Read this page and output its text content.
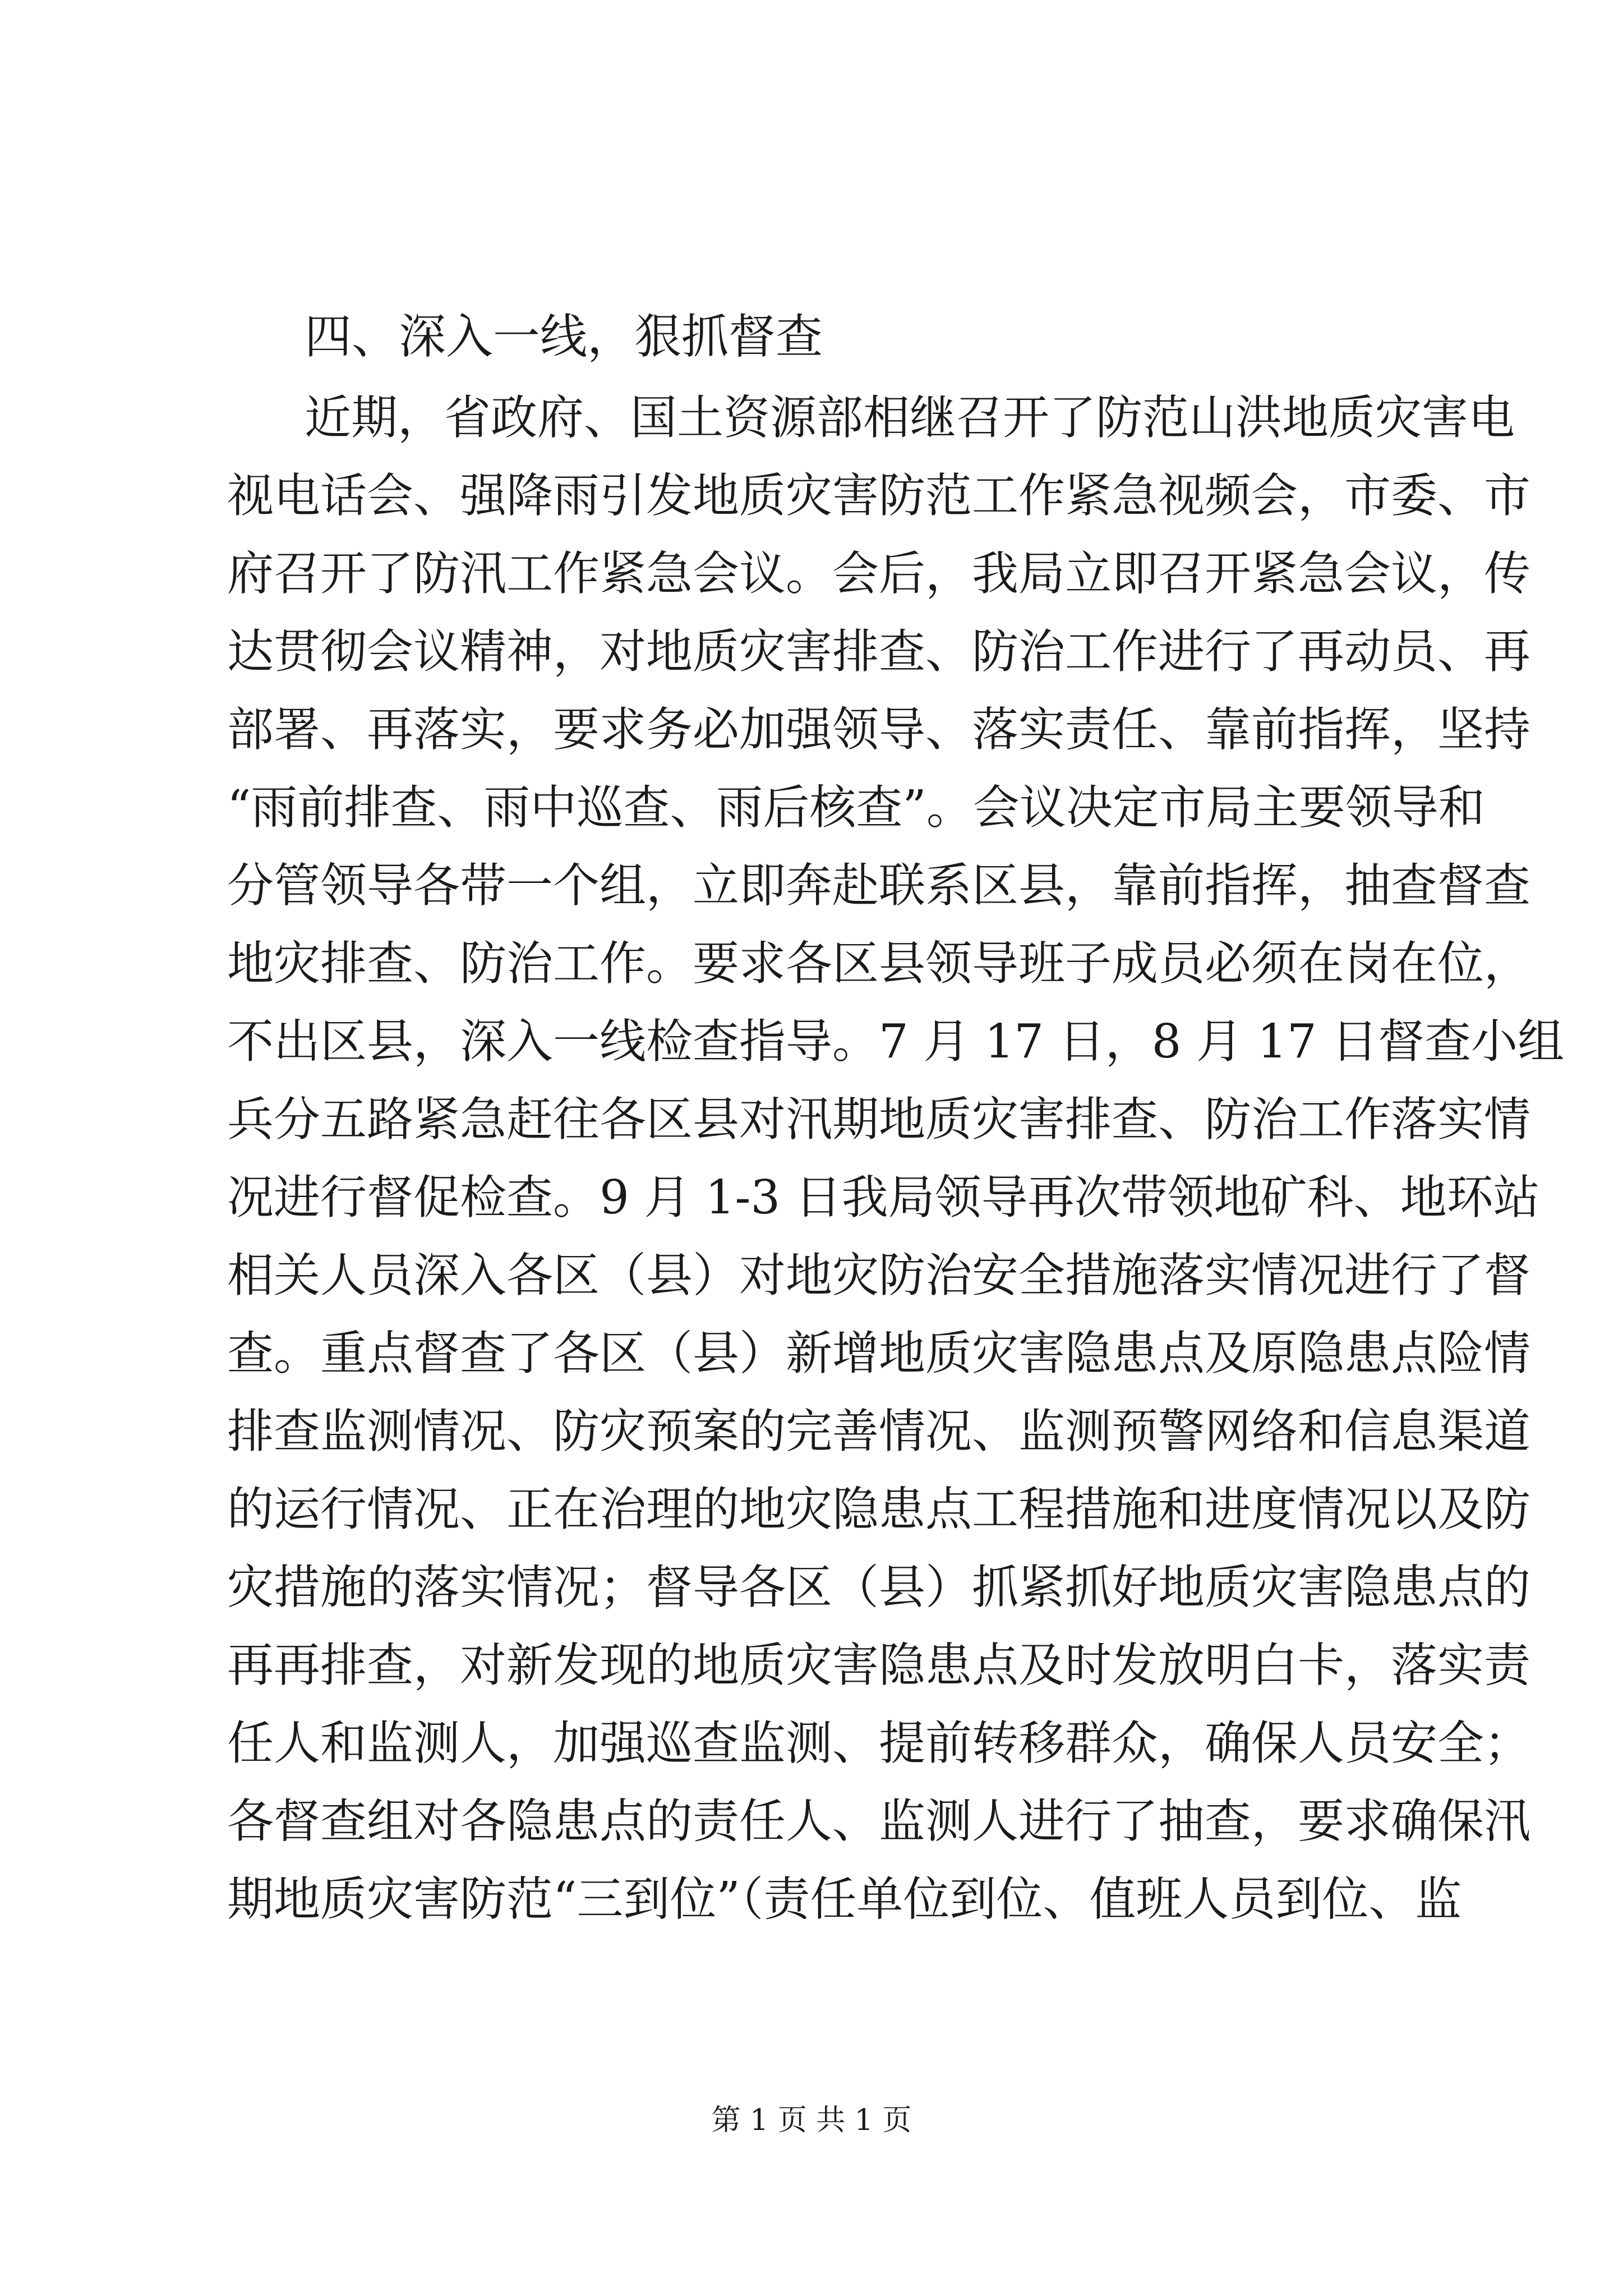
四、深入一线，狠抓督查
近期，省政府、国土资源部相继召开了防范山洪地质灾害电
视电话会、强降雨引发地质灾害防范工作紧急视频会，市委、市
府召开了防汛工作紧急会议。会后，我局立即召开紧急会议，传
达贯彻会议精神，对地质灾害排查、防治工作进行了再动员、再
部署、再落实，要求务必加强领导、落实责任、靠前指挥，坚持
“雨前排查、雨中巡查、雨后核查”。会议决定市局主要领导和
分管领导各带一个组，立即奔赴联系区县，靠前指挥，抽查督查
地灾排查、防治工作。要求各区县领导班子成员必须在岗在位，
不出区县，深入一线检查指导。7 月 17 日，8 月 17 日督查小组
兵分五路紧急赶往各区县对汛期地质灾害排查、防治工作落实情
况进行督促检查。9 月 1-3 日我局领导再次带领地矿科、地环站
相关人员深入各区（县）对地灾防治安全措施落实情况进行了督
查。重点督查了各区（县）新增地质灾害隐患点及原隐患点险情
排查监测情况、防灾预案的完善情况、监测预警网络和信息渠道
的运行情况、正在治理的地灾隐患点工程措施和进度情况以及防
灾措施的落实情况；督导各区（县）抓紧抓好地质灾害隐患点的
再再排查，对新发现的地质灾害隐患点及时发放明白卡，落实责
任人和监测人，加强巡查监测、提前转移群众，确保人员安全；
各督查组对各隐患点的责任人、监测人进行了抽查，要求确保汛
期地质灾害防范“三到位”（责任单位到位、值班人员到位、监
第 1 页 共 1 页
